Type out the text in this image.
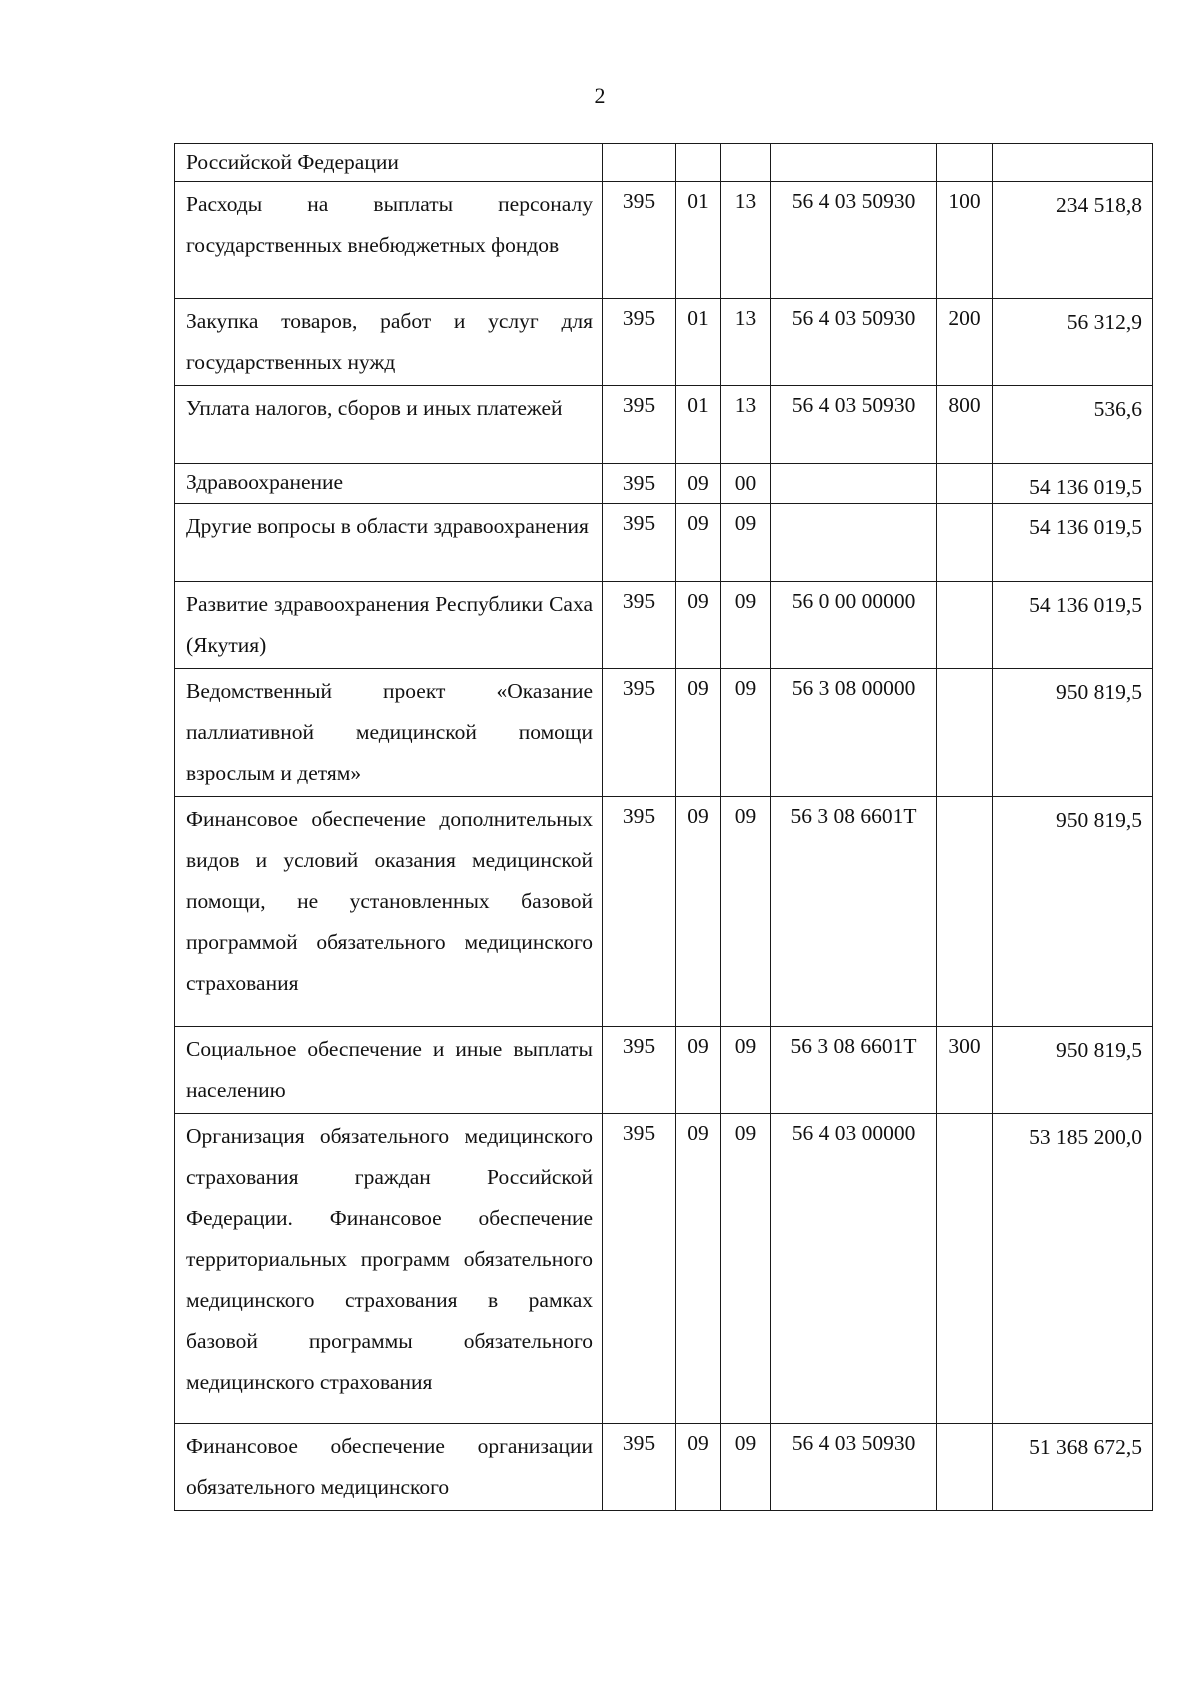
2
Российской Федерации						
Расходы на выплаты персоналу государственных внебюджетных фондов	395	01	13	56 4 03 50930	100	234 518,8
Закупка товаров, работ и услуг для государственных нужд	395	01	13	56 4 03 50930	200	56 312,9
Уплата налогов, сборов и иных платежей	395	01	13	56 4 03 50930	800	536,6
Здравоохранение	395	09	00			54 136 019,5
Другие вопросы в области здравоохранения	395	09	09			54 136 019,5
Развитие здравоохранения Республики Саха (Якутия)	395	09	09	56 0 00 00000		54 136 019,5
Ведомственный проект «Оказание паллиативной медицинской помощи взрослым и детям»	395	09	09	56 3 08 00000		950 819,5
Финансовое обеспечение дополнительных видов и условий оказания медицинской помощи, не установленных базовой программой обязательного медицинского страхования	395	09	09	56 3 08 6601Т		950 819,5
Социальное обеспечение и иные выплаты населению	395	09	09	56 3 08 6601Т	300	950 819,5
Организация обязательного медицинского страхования граждан Российской Федерации. Финансовое обеспечение территориальных программ обязательного медицинского страхования в рамках базовой программы обязательного медицинского страхования	395	09	09	56 4 03 00000		53 185 200,0
Финансовое обеспечение организации обязательного медицинского	395	09	09	56 4 03 50930		51 368 672,5
